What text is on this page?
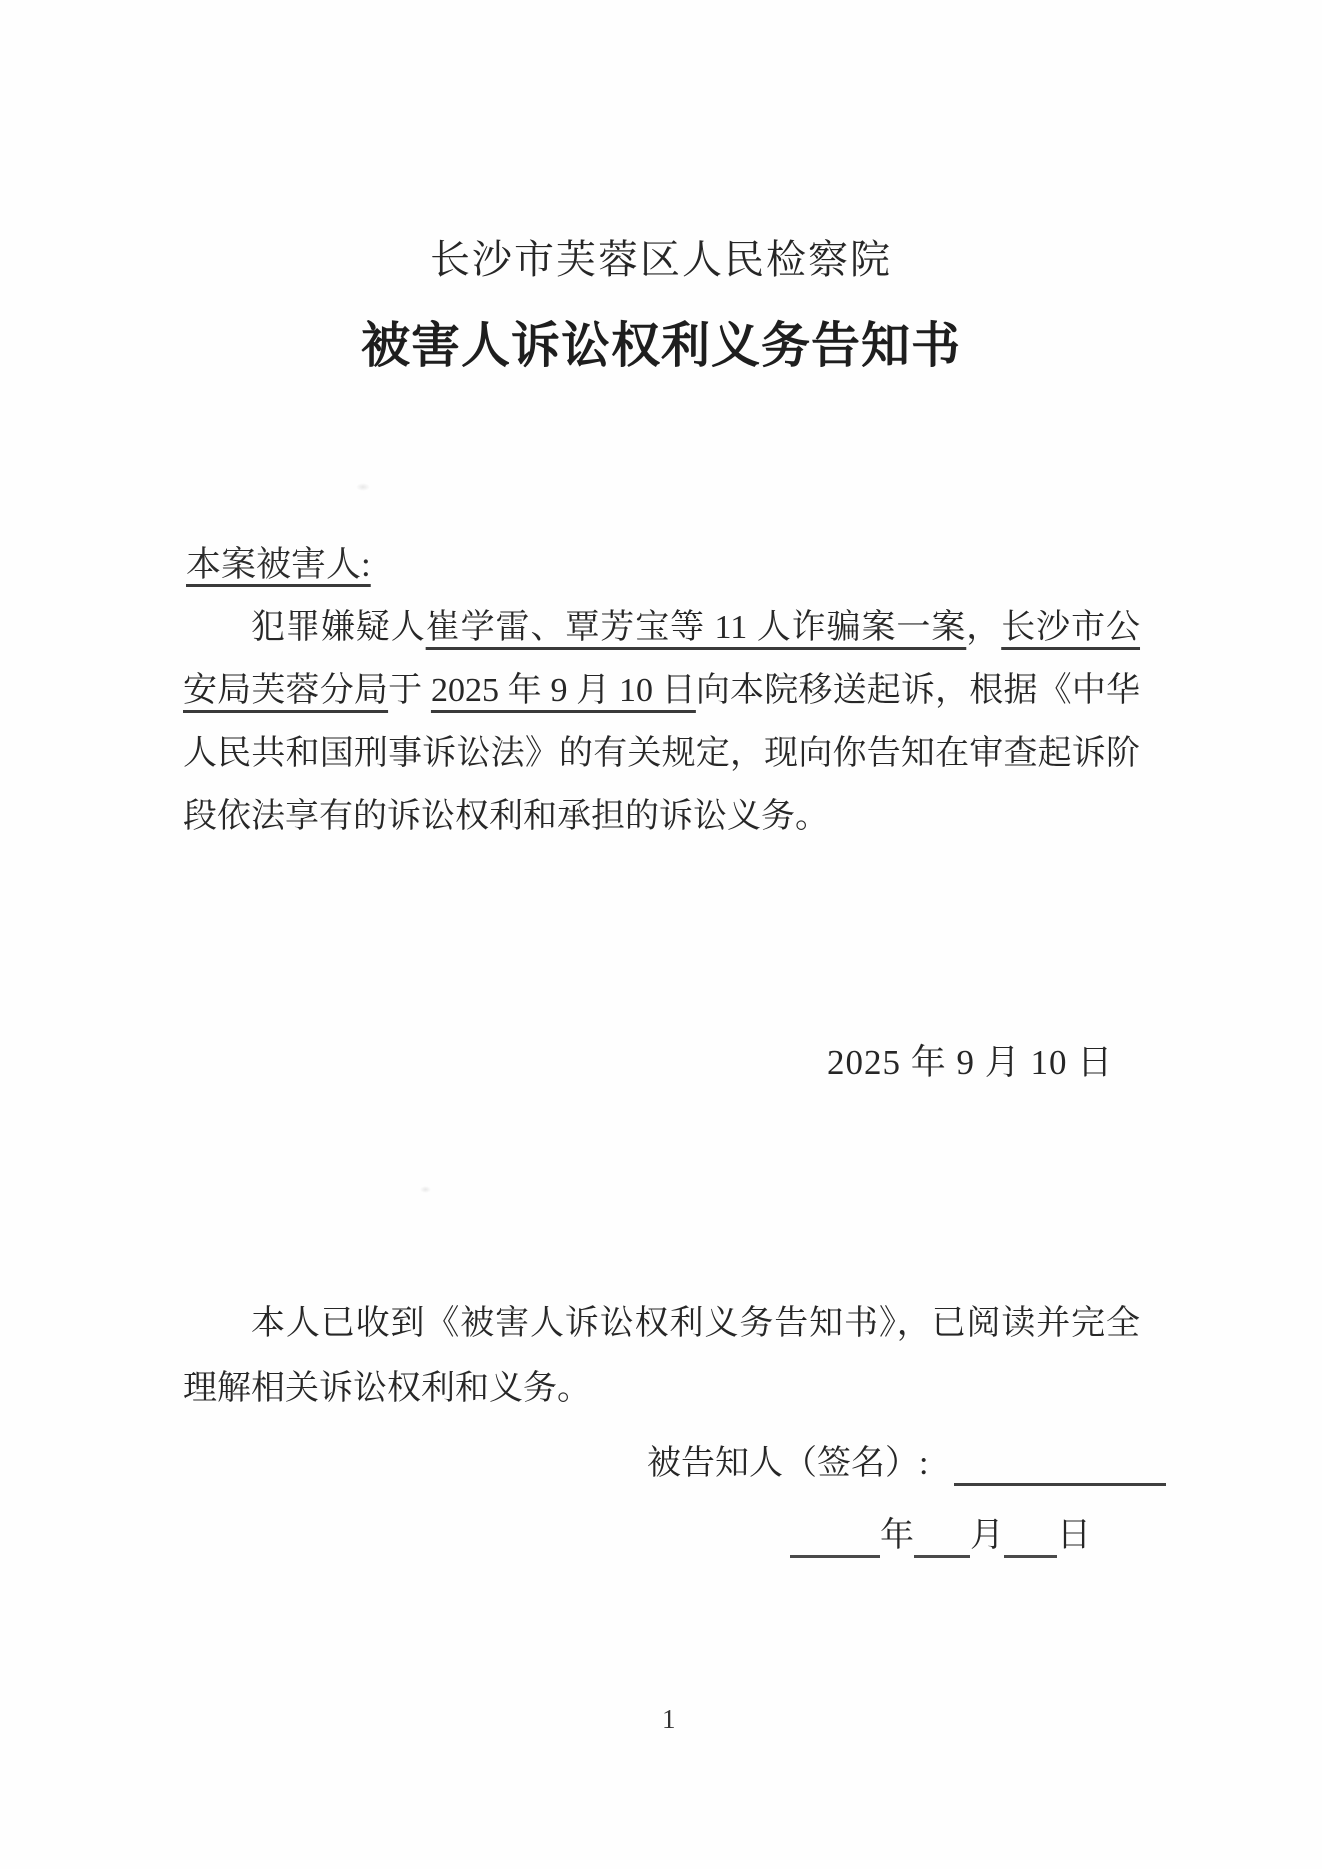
长沙市芙蓉区人民检察院
被害人诉讼权利义务告知书
本案被害人:
犯罪嫌疑人崔学雷、覃芳宝等 11 人诈骗案一案，长沙市公安局芙蓉分局于 2025 年 9 月 10 日向本院移送起诉，根据《中华人民共和国刑事诉讼法》的有关规定，现向你告知在审查起诉阶段依法享有的诉讼权利和承担的诉讼义务。
2025 年 9 月 10 日
本人已收到《被害人诉讼权利义务告知书》，已阅读并完全理解相关诉讼权利和义务。
被告知人（签名）:
年 月 日
1
